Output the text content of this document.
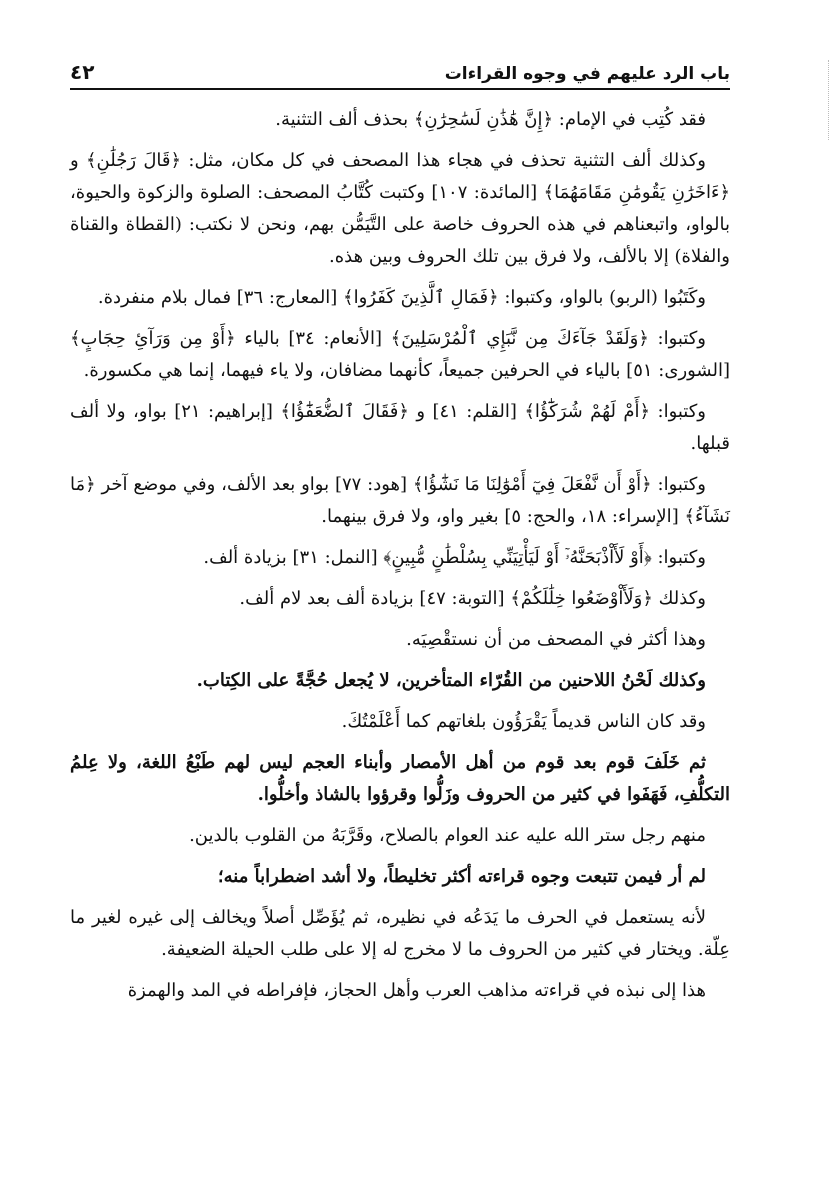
باب الرد عليهم في وجوه القراءات
٤٢

فقد كُتِب في الإمام: ﴿إِنَّ هَٰذَٰنِ لَسَٰحِرَٰنِ﴾ بحذف ألف التثنية.

وكذلك ألف التثنية تحذف في هجاء هذا المصحف في كل مكان، مثل: ﴿قَالَ رَجُلَٰنِ﴾ و ﴿ءَاخَرَٰنِ يَقُومَٰنِ مَقَامَهُمَا﴾ [المائدة: ١٠٧] وكتبت كُتَّابُ المصحف: الصلوة والزكوة والحيوة، بالواو، واتبعناهم في هذه الحروف خاصة على التَّيَمُّن بهم، ونحن لا نكتب: (القطاة والقناة والفلاة) إلا بالألف، ولا فرق بين تلك الحروف وبين هذه.

وكَتَبُوا (الربو) بالواو، وكتبوا: ﴿فَمَالِ ٱلَّذِينَ كَفَرُوا﴾ [المعارج: ٣٦] فمال بلام منفردة.

وكتبوا: ﴿وَلَقَدْ جَآءَكَ مِن نَّبَإِي ٱلْمُرْسَلِينَ﴾ [الأنعام: ٣٤] بالياء ﴿أَوْ مِن وَرَآئِ حِجَابٍ﴾ [الشورى: ٥١] بالياء في الحرفين جميعاً، كأنهما مضافان، ولا ياء فيهما، إنما هي مكسورة.

وكتبوا: ﴿أَمْ لَهُمْ شُرَكَٰٓؤُا﴾ [القلم: ٤١] و ﴿فَقَالَ ٱلضُّعَفَٰٓؤُا﴾ [إبراهيم: ٢١] بواو، ولا ألف قبلها.

وكتبوا: ﴿أَوْ أَن نَّفْعَلَ فِيٓ أَمْوَٰلِنَا مَا نَشَٰٓؤُا﴾ [هود: ٧٧] بواو بعد الألف، وفي موضع آخر ﴿مَا نَشَآءُ﴾ [الإسراء: ١٨، والحج: ٥] بغير واو، ولا فرق بينهما.

وكتبوا: ﴿أَوْ لَأَاْذْبَحَنَّهُۥٓ أَوْ لَيَأْتِيَنِّي بِسُلْطَٰنٍ مُّبِينٍ﴾ [النمل: ٣١] بزيادة ألف.

وكذلك ﴿وَلَأَاْوْضَعُوا خِلَٰلَكُمْ﴾ [التوبة: ٤٧] بزيادة ألف بعد لام ألف.

وهذا أكثر في المصحف من أن نستقْصِيَه.

وكذلك لَحْنُ اللاحنين من القُرّاء المتأخرين، لا يُجعل حُجَّةً على الكِتاب.

وقد كان الناس قديماً يَقْرَؤُون بلغاتهم كما أَعْلَمْتُكَ.

ثم خَلَفَ قوم بعد قوم من أهل الأمصار وأبناء العجم ليس لهم طَبْعُ اللغة، ولا عِلمُ التكلُّفِ، فَهَفَوا في كثير من الحروف وزَلُّوا وقرؤوا بالشاذ وأخلُّوا.

منهم رجل ستر الله عليه عند العوام بالصلاح، وقَرَّبَهُ من القلوب بالدين.

لم أر فيمن تتبعت وجوه قراءته أكثر تخليطاً، ولا أشد اضطراباً منه؛

لأنه يستعمل في الحرف ما يَدَعُه في نظيره، ثم يُؤَصِّل أصلاً ويخالف إلى غيره لغير ما عِلّة. ويختار في كثير من الحروف ما لا مخرج له إلا على طلب الحيلة الضعيفة.

هذا إلى نبذه في قراءته مذاهب العرب وأهل الحجاز، فإفراطه في المد والهمزة
